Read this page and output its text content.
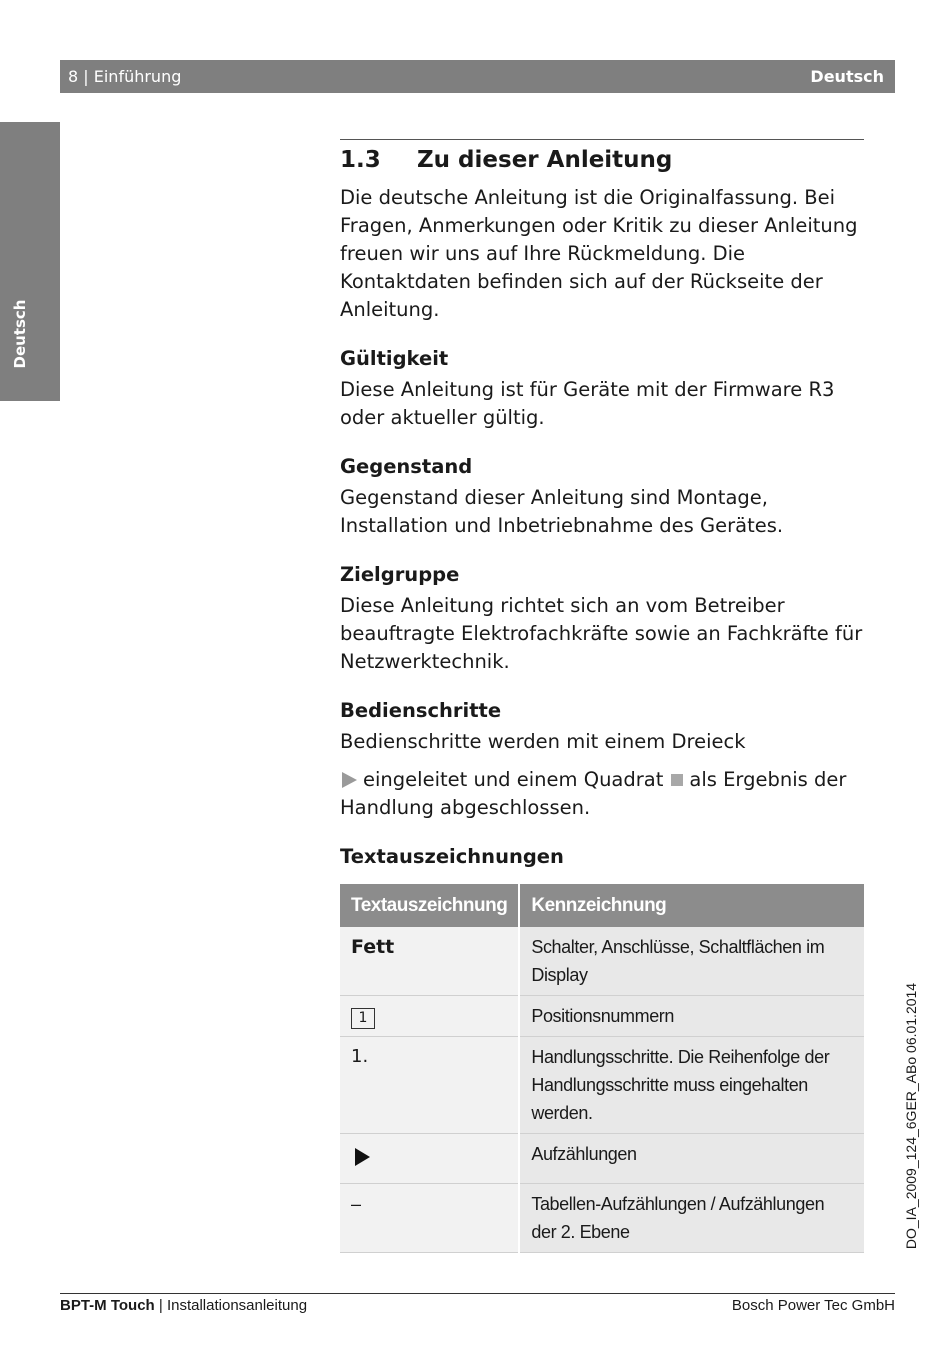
8 | Einführung	Deutsch
Deutsch
1.3	Zu dieser Anleitung

Die deutsche Anleitung ist die Originalfassung. Bei Fragen, Anmerkungen oder Kritik zu dieser Anleitung freuen wir uns auf Ihre Rückmeldung. Die Kontaktdaten befinden sich auf der Rückseite der Anleitung.

Gültigkeit

Diese Anleitung ist für Geräte mit der Firmware R3 oder aktueller gültig.

Gegenstand

Gegenstand dieser Anleitung sind Montage, Installation und Inbetriebnahme des Gerätes.

Zielgruppe

Diese Anleitung richtet sich an vom Betreiber beauftragte Elektrofachkräfte sowie an Fachkräfte für Netzwerktechnik.

Bedienschritte

Bedienschritte werden mit einem Dreieck

eingeleitet und einem Quadrat als Ergebnis der
Handlung abgeschlossen.

Textauszeichnungen
Textauszeichnung	Kennzeichnung
Fett	Schalter, Anschlüsse, Schaltflächen im Display
1	Positionsnummern
1.	Handlungsschritte. Die Reihenfolge der Handlungsschritte muss eingehalten werden.
	Aufzählungen
–	Tabellen-Aufzählungen / Aufzählungen der 2. Ebene	DO_IA_2009_124_6GER_ABo 06.01.2014
BPT-M Touch | Installationsanleitung	Bosch Power Tec GmbH
